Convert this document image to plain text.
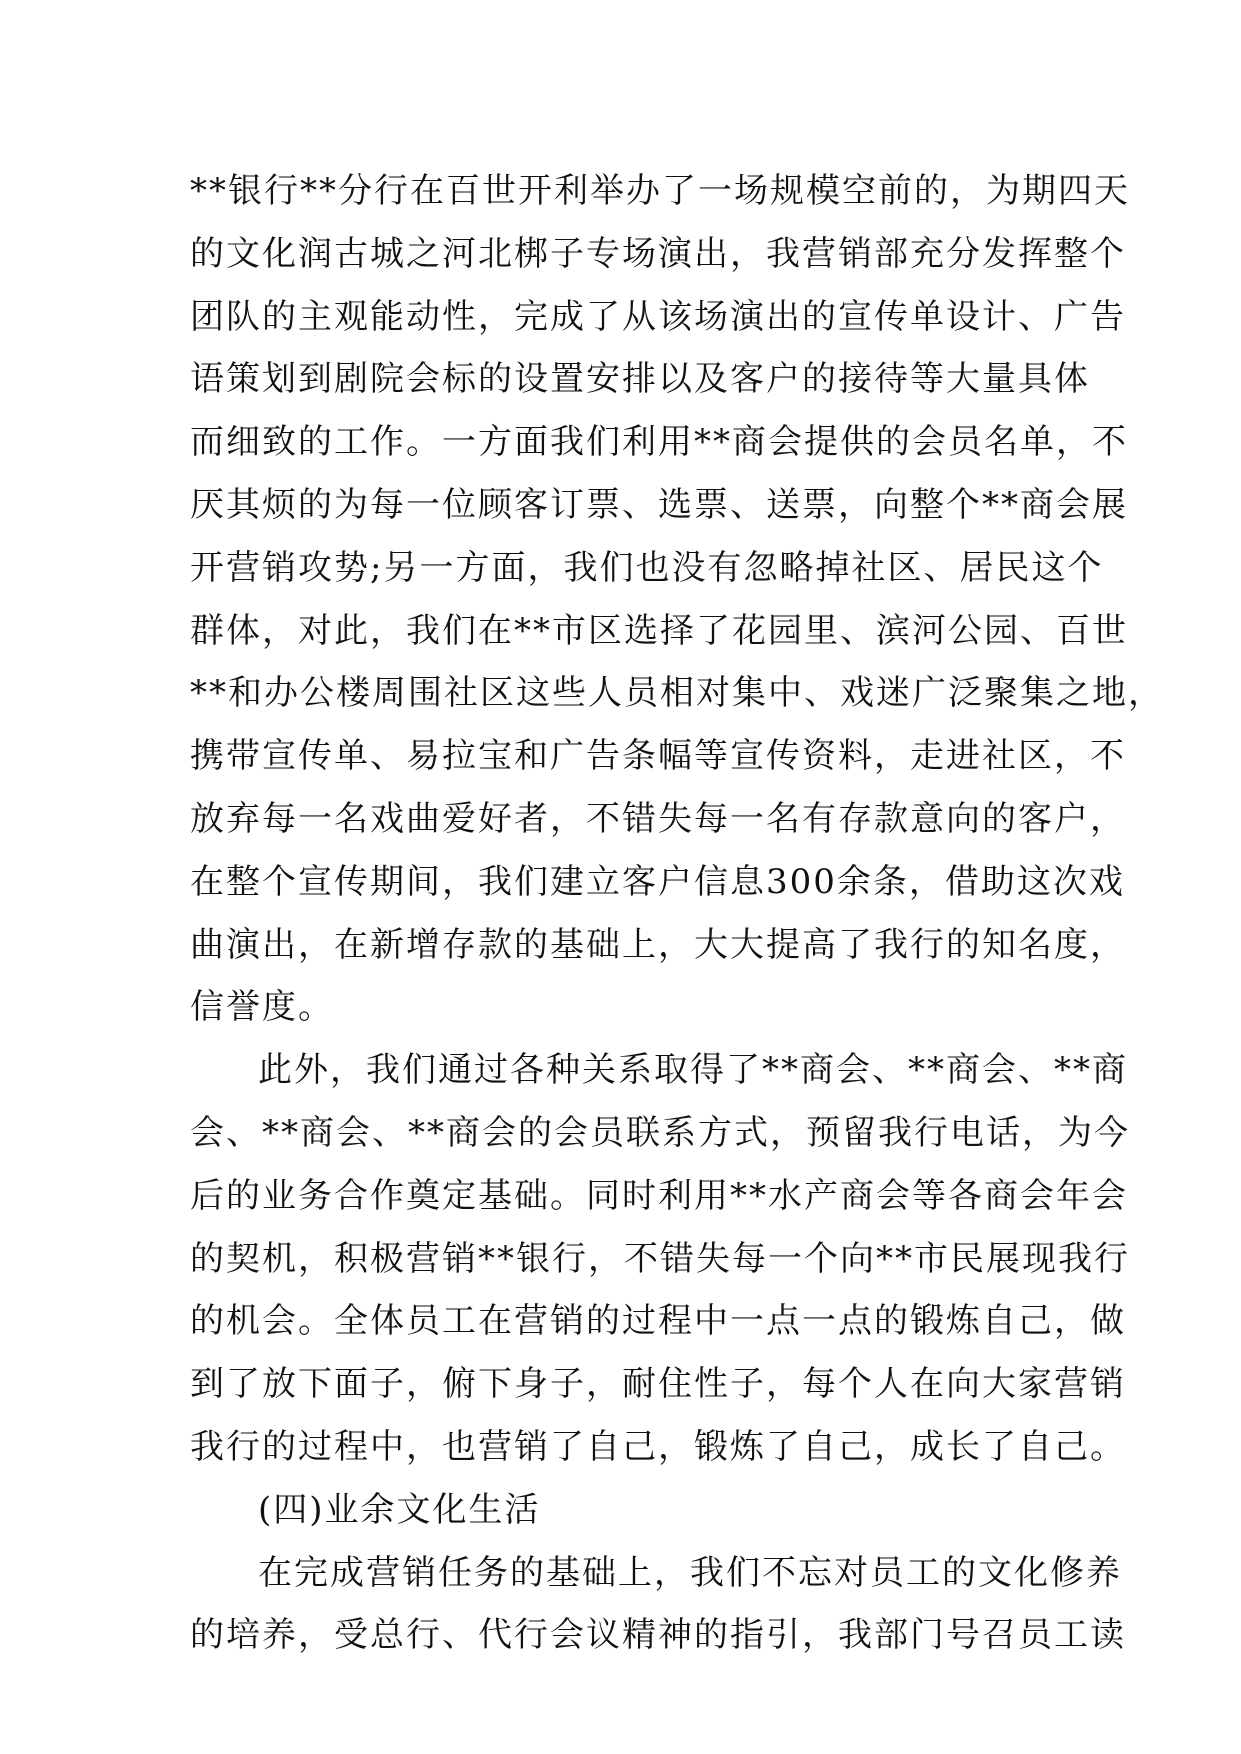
**银行**分行在百世开利举办了一场规模空前的，为期四天
的文化润古城之河北梆子专场演出，我营销部充分发挥整个
团队的主观能动性，完成了从该场演出的宣传单设计、广告
语策划到剧院会标的设置安排以及客户的接待等大量具体
而细致的工作。一方面我们利用**商会提供的会员名单，不
厌其烦的为每一位顾客订票、选票、送票，向整个**商会展
开营销攻势;另一方面，我们也没有忽略掉社区、居民这个
群体，对此，我们在**市区选择了花园里、滨河公园、百世
**和办公楼周围社区这些人员相对集中、戏迷广泛聚集之地，
携带宣传单、易拉宝和广告条幅等宣传资料，走进社区，不
放弃每一名戏曲爱好者，不错失每一名有存款意向的客户，
在整个宣传期间，我们建立客户信息300余条，借助这次戏
曲演出，在新增存款的基础上，大大提高了我行的知名度，
信誉度。
此外，我们通过各种关系取得了**商会、**商会、**商
会、**商会、**商会的会员联系方式，预留我行电话，为今
后的业务合作奠定基础。同时利用**水产商会等各商会年会
的契机，积极营销**银行，不错失每一个向**市民展现我行
的机会。全体员工在营销的过程中一点一点的锻炼自己，做
到了放下面子，俯下身子，耐住性子，每个人在向大家营销
我行的过程中，也营销了自己，锻炼了自己，成长了自己。
(四)业余文化生活
在完成营销任务的基础上，我们不忘对员工的文化修养
的培养，受总行、代行会议精神的指引，我部门号召员工读
